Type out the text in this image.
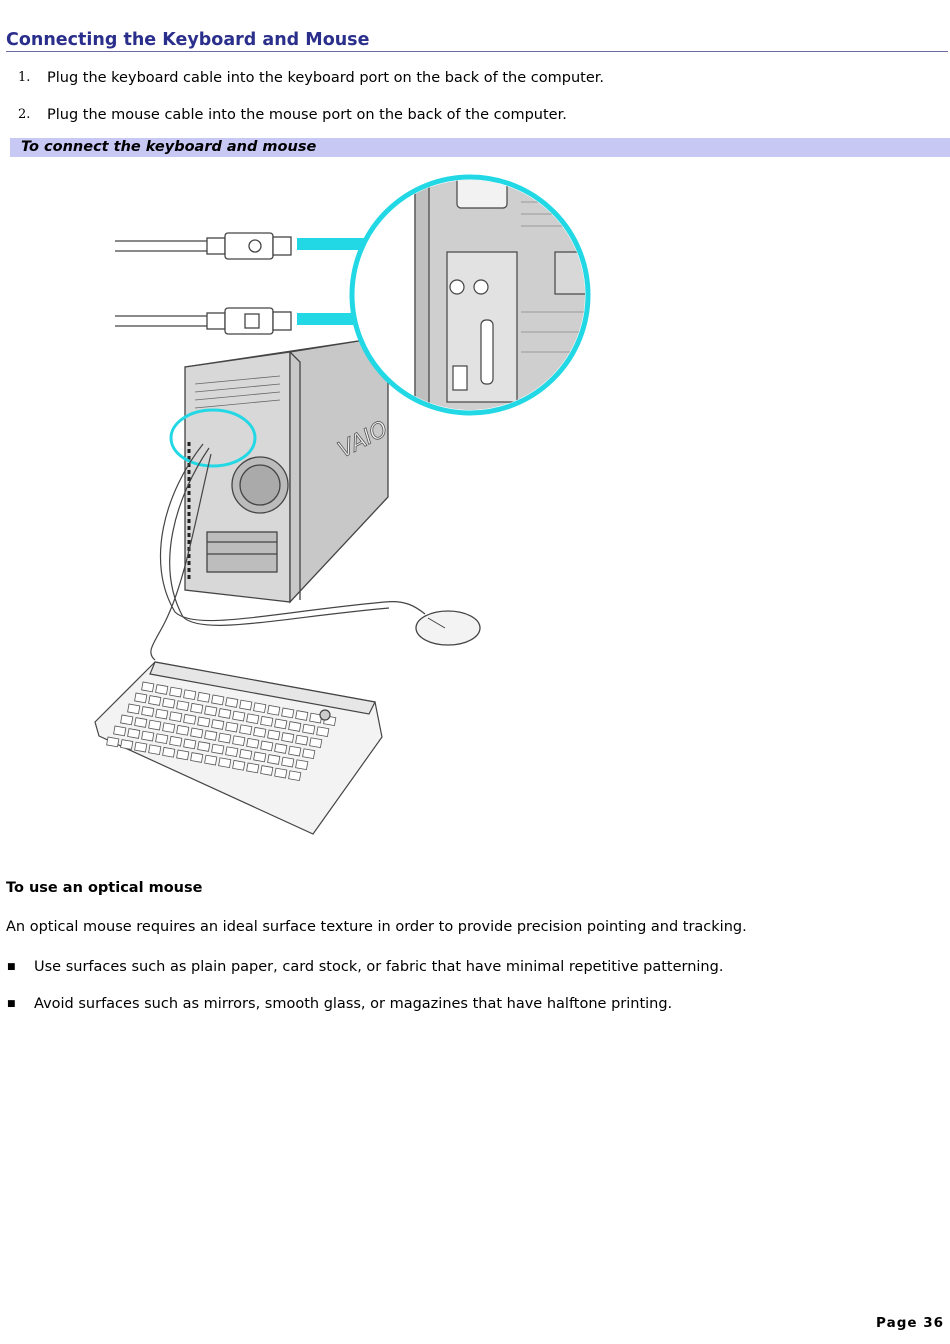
Connecting the Keyboard and Mouse
1. Plug the keyboard cable into the keyboard port on the back of the computer.
2. Plug the mouse cable into the mouse port on the back of the computer.
To connect the keyboard and mouse
VAIO
To use an optical mouse
An optical mouse requires an ideal surface texture in order to provide precision pointing and tracking.
■ Use surfaces such as plain paper, card stock, or fabric that have minimal repetitive patterning.
■ Avoid surfaces such as mirrors, smooth glass, or magazines that have halftone printing.
Page 36
